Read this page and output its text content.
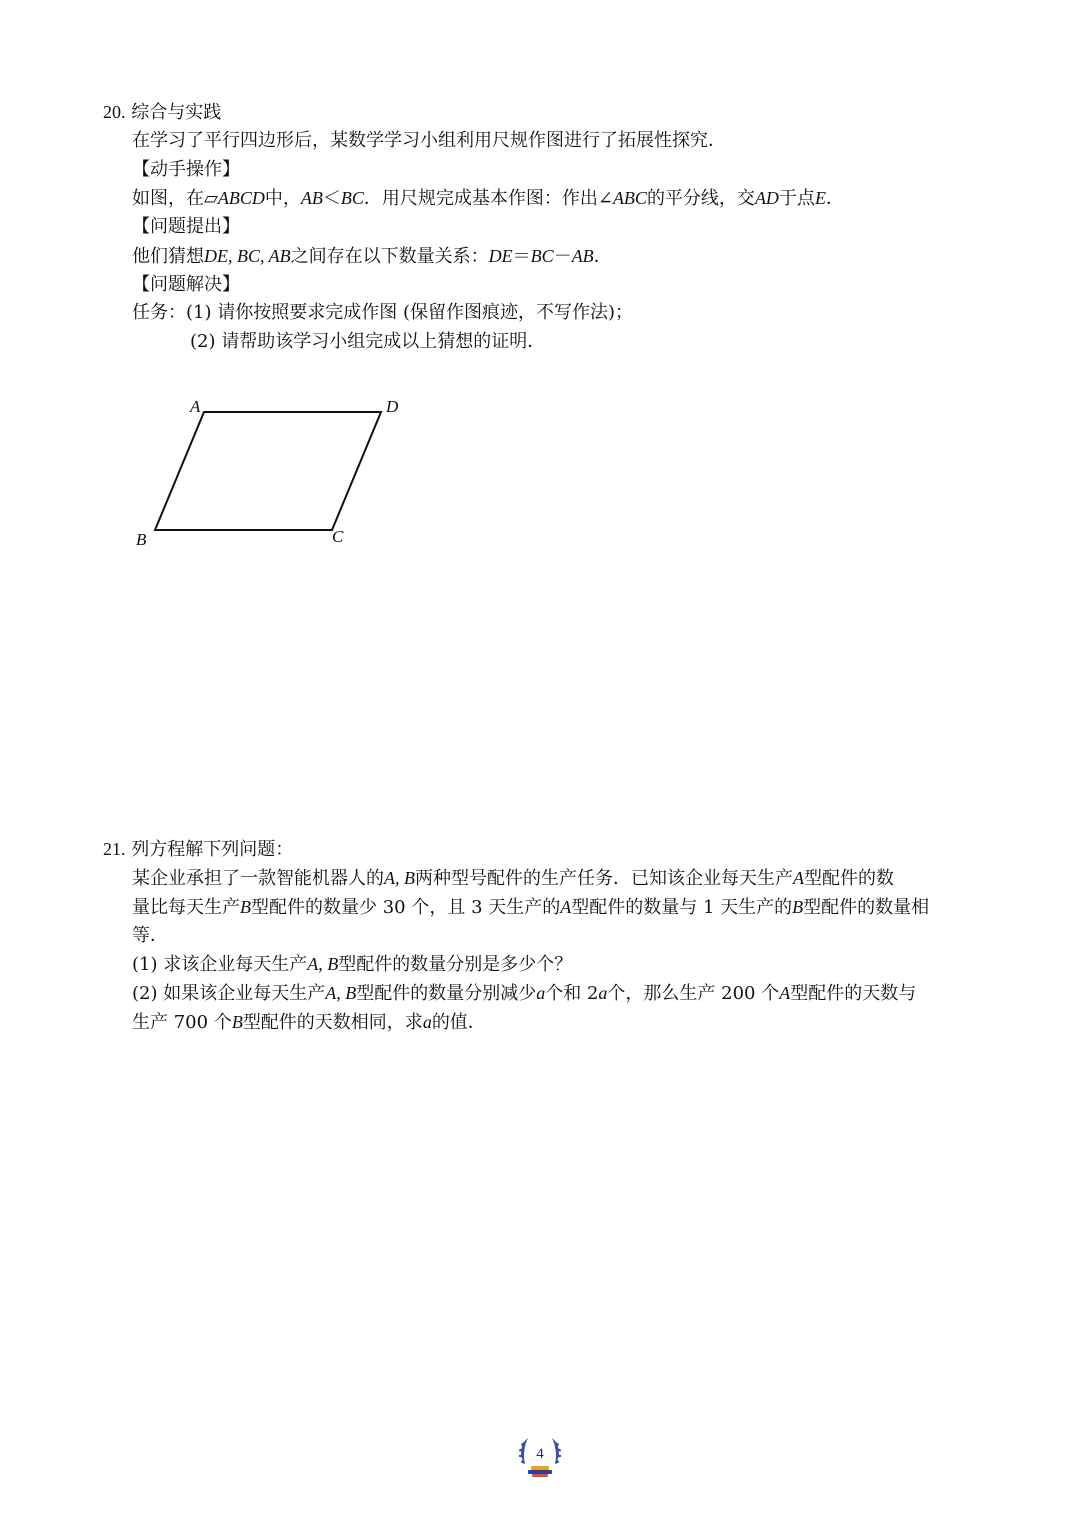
20. 综合与实践
在学习了平行四边形后，某数学学习小组利用尺规作图进行了拓展性探究．
【动手操作】
如图，在▱ABCD中，AB＜BC．用尺规完成基本作图：作出∠ABC的平分线，交AD于点E．
【问题提出】
他们猜想DE, BC, AB之间存在以下数量关系：DE＝BC－AB．
【问题解决】
任务：(1) 请你按照要求完成作图 (保留作图痕迹，不写作法)；
(2) 请帮助该学习小组完成以上猜想的证明．
A	D
B	C
21. 列方程解下列问题：
某企业承担了一款智能机器人的A, B两种型号配件的生产任务．已知该企业每天生产A型配件的数
量比每天生产B型配件的数量少 30 个，且 3 天生产的A型配件的数量与 1 天生产的B型配件的数量相
等．
(1) 求该企业每天生产A, B型配件的数量分别是多少个？
(2) 如果该企业每天生产A, B型配件的数量分别减少a个和 2a个，那么生产 200 个A型配件的天数与
生产 700 个B型配件的天数相同，求a的值．
4
